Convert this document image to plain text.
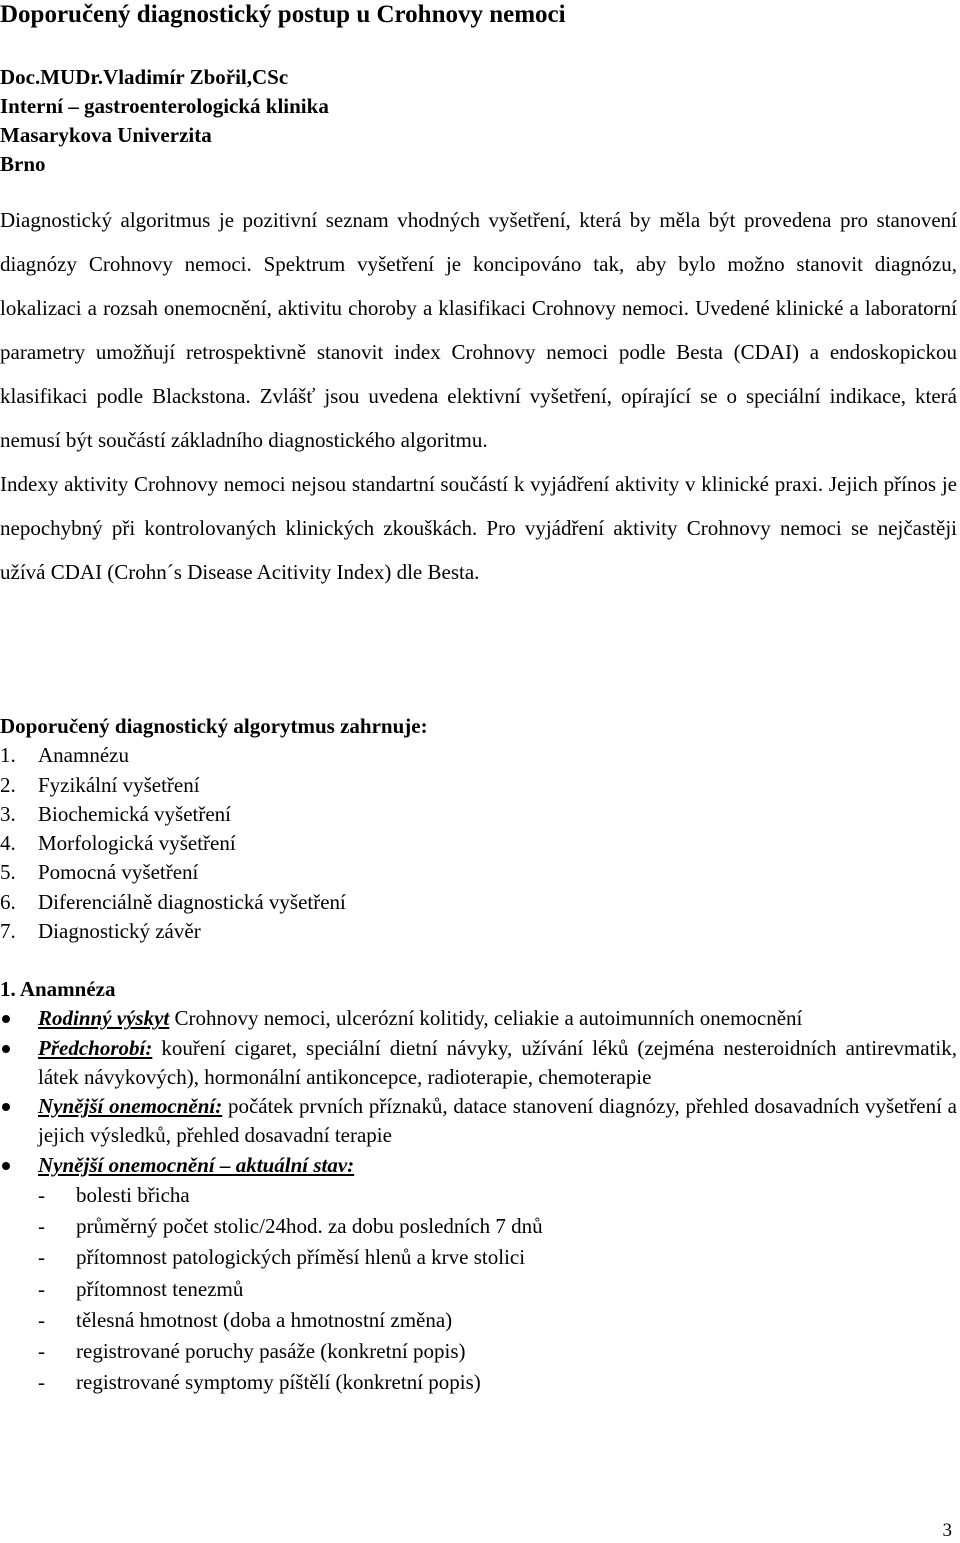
Doporučený diagnostický postup u Crohnovy nemoci
Doc.MUDr.Vladimír Zbořil,CSc
Interní – gastroenterologická klinika
Masarykova Univerzita
Brno

Diagnostický algoritmus je pozitivní seznam vhodných vyšetření, která by měla být provedena pro stanovení diagnózy Crohnovy nemoci. Spektrum vyšetření je koncipováno tak, aby bylo možno stanovit diagnózu, lokalizaci a rozsah onemocnění, aktivitu choroby a klasifikaci Crohnovy nemoci. Uvedené klinické a laboratorní parametry umožňují retrospektivně stanovit index Crohnovy nemoci podle Besta (CDAI) a endoskopickou klasifikaci podle Blackstona. Zvlášť jsou uvedena elektivní vyšetření, opírající se o speciální indikace, která nemusí být součástí základního diagnostického algoritmu.

Indexy aktivity Crohnovy nemoci nejsou standartní součástí k vyjádření aktivity v klinické praxi. Jejich přínos je nepochybný při kontrolovaných klinických zkouškách. Pro vyjádření aktivity Crohnovy nemoci se nejčastěji užívá CDAI (Crohn´s Disease Acitivity Index) dle Besta.

Doporučený diagnostický algorytmus zahrnuje:
1. Anamnézu
2. Fyzikální vyšetření
3. Biochemická vyšetření
4. Morfologická vyšetření
5. Pomocná vyšetření
6. Diferenciálně diagnostická vyšetření
7. Diagnostický závěr
1. Anamnéza
Rodinný výskyt Crohnovy nemoci, ulcerózní kolitidy, celiakie a autoimunních onemocnění
Předchorobí: kouření cigaret, speciální dietní návyky, užívání léků (zejména nesteroidních antirevmatik, látek návykových), hormonální antikoncepce, radioterapie, chemoterapie
Nynější onemocnění: počátek prvních příznaků, datace stanovení diagnózy, přehled dosavadních vyšetření a jejich výsledků, přehled dosavadní terapie
Nynější onemocnění – aktuální stav:
- bolesti břicha
- průměrný počet stolic/24hod. za dobu posledních 7 dnů
- přítomnost patologických příměsí hlenů a krve stolici
- přítomnost tenezmů
- tělesná hmotnost (doba a hmotnostní změna)
- registrované poruchy pasáže (konkretní popis)
- registrované symptomy píštělí (konkretní popis)
3
